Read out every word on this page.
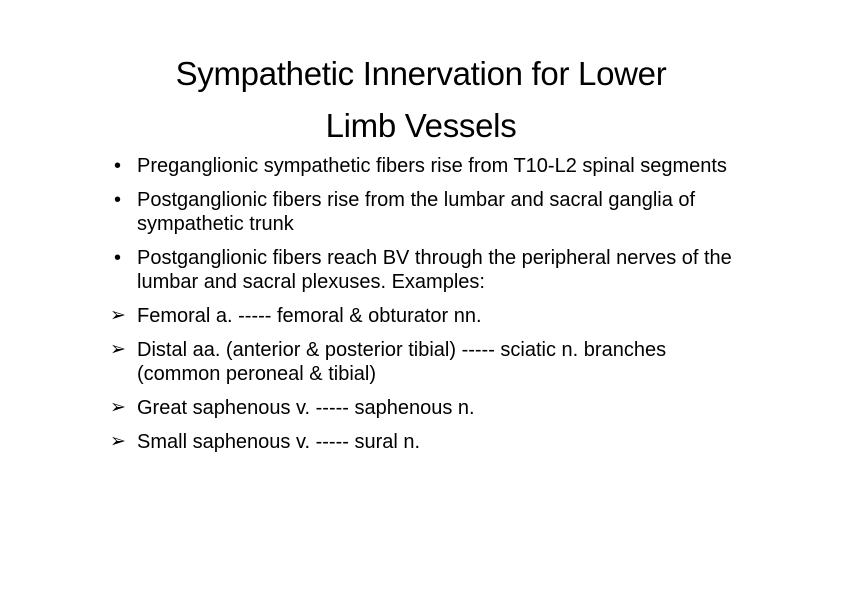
Sympathetic Innervation for Lower
Limb Vessels
• Preganglionic sympathetic fibers rise from T10-L2 spinal segments
• Postganglionic fibers rise from the lumbar and sacral ganglia of sympathetic trunk
• Postganglionic fibers reach BV through the peripheral nerves of the lumbar and sacral plexuses. Examples:
➢ Femoral a. ----- femoral & obturator nn.
➢ Distal aa. (anterior & posterior tibial) ----- sciatic n. branches (common peroneal & tibial)
➢ Great saphenous v. ----- saphenous n.
➢ Small saphenous v. ----- sural n.
